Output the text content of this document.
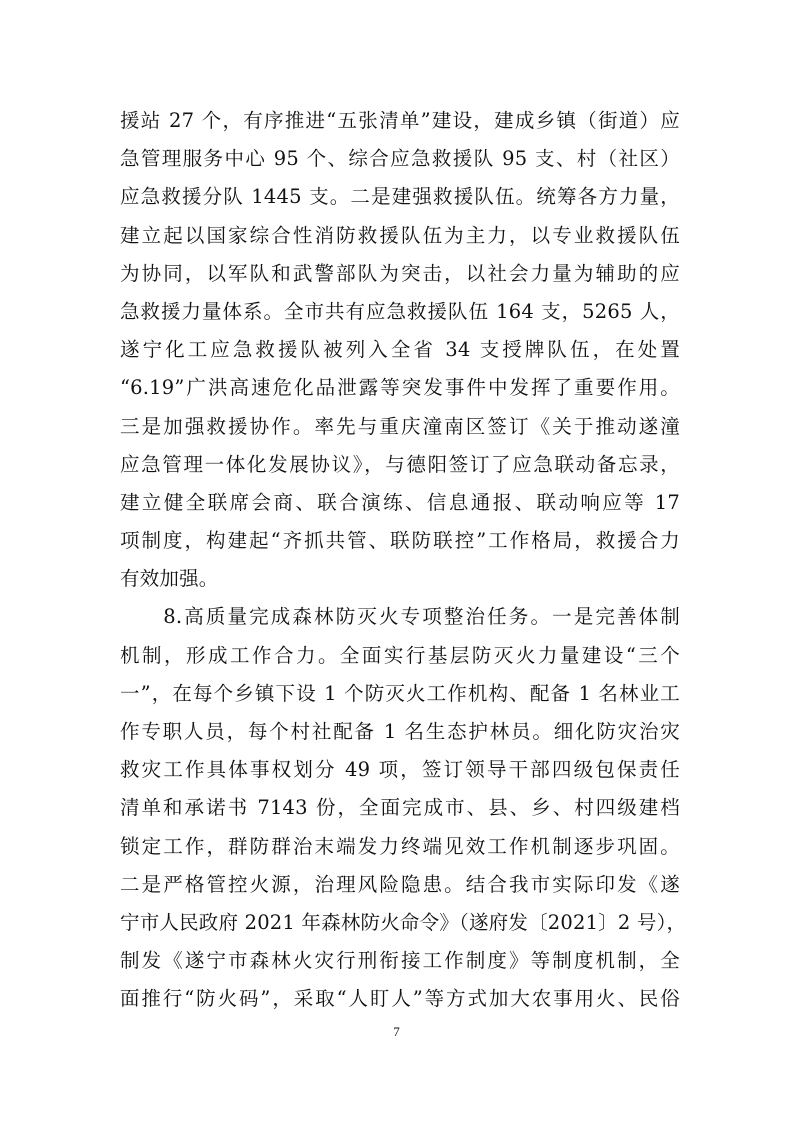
援站 27 个，有序推进“五张清单”建设，建成乡镇（街道）应
急管理服务中心 95 个、综合应急救援队 95 支、村（社区）
应急救援分队 1445 支。二是建强救援队伍。统筹各方力量，
建立起以国家综合性消防救援队伍为主力，以专业救援队伍
为协同，以军队和武警部队为突击，以社会力量为辅助的应
急救援力量体系。全市共有应急救援队伍 164 支，5265 人，
遂宁化工应急救援队被列入全省 34 支授牌队伍，在处置
“6.19”广洪高速危化品泄露等突发事件中发挥了重要作用。
三是加强救援协作。率先与重庆潼南区签订《关于推动遂潼
应急管理一体化发展协议》，与德阳签订了应急联动备忘录，
建立健全联席会商、联合演练、信息通报、联动响应等 17
项制度，构建起“齐抓共管、联防联控”工作格局，救援合力
有效加强。
　　8.高质量完成森林防灭火专项整治任务。一是完善体制
机制，形成工作合力。全面实行基层防灭火力量建设“三个
一”，在每个乡镇下设 1 个防灭火工作机构、配备 1 名林业工
作专职人员，每个村社配备 1 名生态护林员。细化防灾治灾
救灾工作具体事权划分 49 项，签订领导干部四级包保责任
清单和承诺书 7143 份，全面完成市、县、乡、村四级建档
锁定工作，群防群治末端发力终端见效工作机制逐步巩固。
二是严格管控火源，治理风险隐患。结合我市实际印发《遂
宁市人民政府 2021 年森林防火命令》（遂府发〔2021〕2 号），
制发《遂宁市森林火灾行刑衔接工作制度》等制度机制，全
面推行“防火码”，采取“人盯人”等方式加大农事用火、民俗
7
